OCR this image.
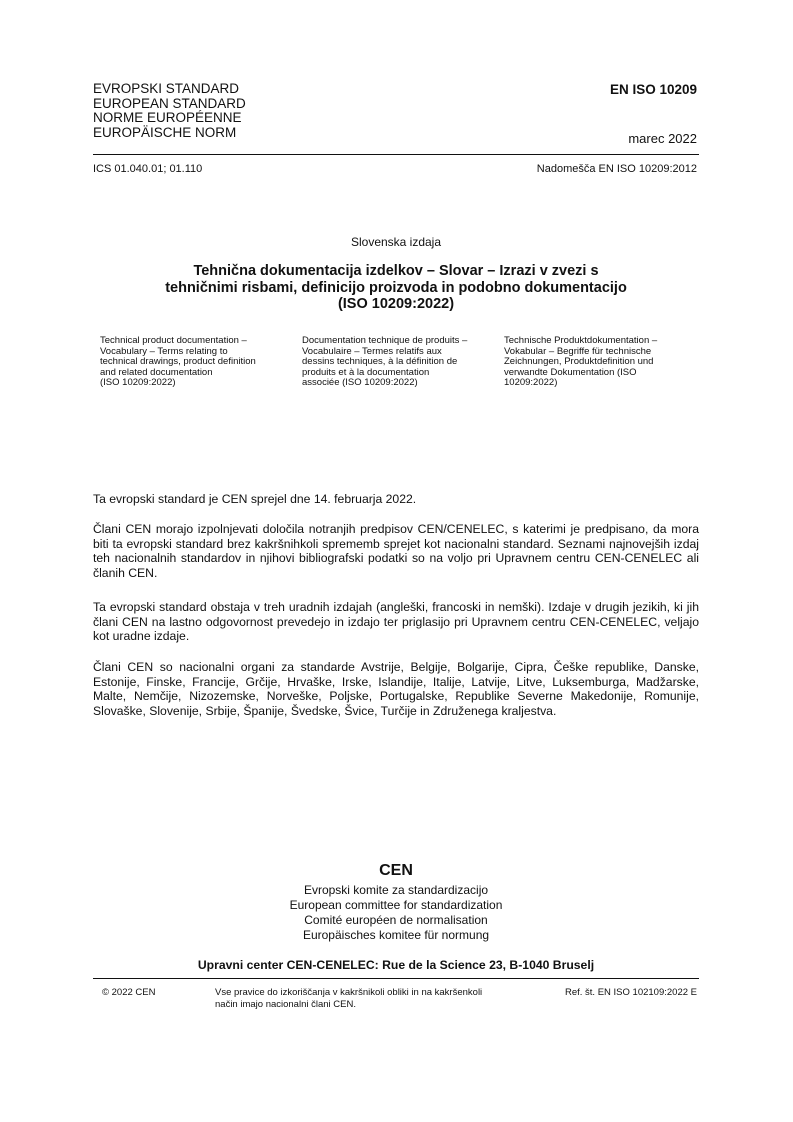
EVROPSKI STANDARD
EUROPEAN STANDARD
NORME EUROPÉENNE
EUROPÄISCHE NORM
EN ISO 10209
marec 2022
ICS 01.040.01; 01.110	Nadomešča EN ISO 10209:2012
Slovenska izdaja
Tehnična dokumentacija izdelkov – Slovar – Izrazi v zvezi s
tehničnimi risbami, definicijo proizvoda in podobno dokumentacijo
(ISO 10209:2022)
Technical product documentation –
Vocabulary – Terms relating to
technical drawings, product definition
and related documentation
(ISO 10209:2022)
Documentation technique de produits –
Vocabulaire – Termes relatifs aux
dessins techniques, à la définition de
produits et à la documentation
associée (ISO 10209:2022)
Technische Produktdokumentation –
Vokabular – Begriffe für technische
Zeichnungen, Produktdefinition und
verwandte Dokumentation (ISO
10209:2022)
Ta evropski standard je CEN sprejel dne 14. februarja 2022.
Člani CEN morajo izpolnjevati določila notranjih predpisov CEN/CENELEC, s katerimi je predpisano, da mora biti ta evropski standard brez kakršnihkoli sprememb sprejet kot nacionalni standard. Seznami najnovejših izdaj teh nacionalnih standardov in njihovi bibliografski podatki so na voljo pri Upravnem centru CEN-CENELEC ali članih CEN.
Ta evropski standard obstaja v treh uradnih izdajah (angleški, francoski in nemški). Izdaje v drugih jezikih, ki jih člani CEN na lastno odgovornost prevedejo in izdajo ter priglasijo pri Upravnem centru CEN-CENELEC, veljajo kot uradne izdaje.
Člani CEN so nacionalni organi za standarde Avstrije, Belgije, Bolgarije, Cipra, Češke republike, Danske, Estonije, Finske, Francije, Grčije, Hrvaške, Irske, Islandije, Italije, Latvije, Litve, Luksemburga, Madžarske, Malte, Nemčije, Nizozemske, Norveške, Poljske, Portugalske, Republike Severne Makedonije, Romunije, Slovaške, Slovenije, Srbije, Španije, Švedske, Švice, Turčije in Združenega kraljestva.
CEN
Evropski komite za standardizacijo
European committee for standardization
Comité européen de normalisation
Europäisches komitee für normung
Upravni center CEN-CENELEC: Rue de la Science 23, B-1040 Bruselj
© 2022 CEN	Vse pravice do izkoriščanja v kakršnikoli obliki in na kakršenkoli
način imajo nacionalni člani CEN.
Ref. št. EN ISO 102109:2022 E
